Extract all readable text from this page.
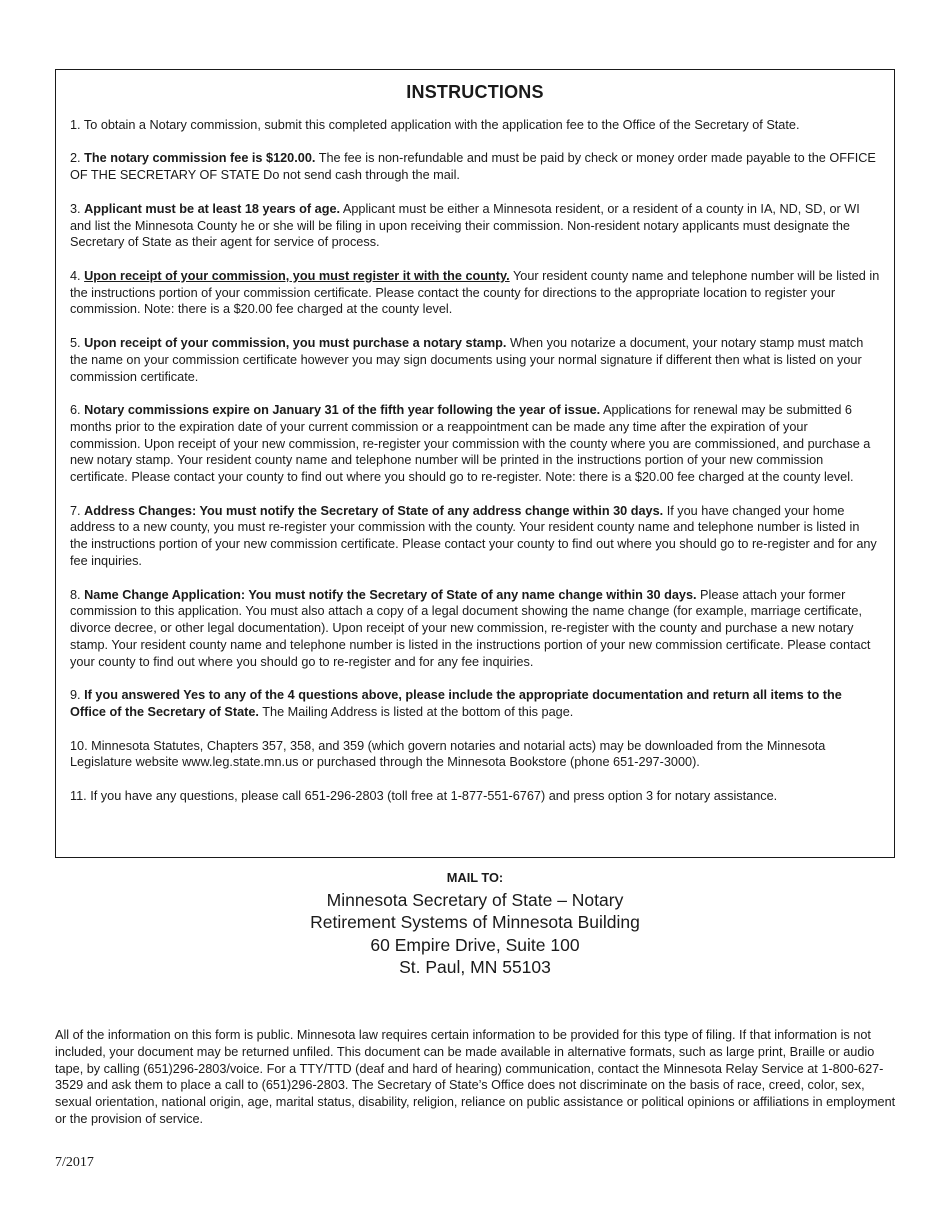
INSTRUCTIONS

1. To obtain a Notary commission, submit this completed application with the application fee to the Office of the Secretary of State.

2. The notary commission fee is $120.00. The fee is non-refundable and must be paid by check or money order made payable to the OFFICE OF THE SECRETARY OF STATE Do not send cash through the mail.

3. Applicant must be at least 18 years of age. Applicant must be either a Minnesota resident, or a resident of a county in IA, ND, SD, or WI and list the Minnesota County he or she will be filing in upon receiving their commission. Non-resident notary applicants must designate the Secretary of State as their agent for service of process.

4. Upon receipt of your commission, you must register it with the county. Your resident county name and telephone number will be listed in the instructions portion of your commission certificate. Please contact the county for directions to the appropriate location to register your commission. Note: there is a $20.00 fee charged at the county level.

5. Upon receipt of your commission, you must purchase a notary stamp. When you notarize a document, your notary stamp must match the name on your commission certificate however you may sign documents using your normal signature if different then what is listed on your commission certificate.

6. Notary commissions expire on January 31 of the fifth year following the year of issue. Applications for renewal may be submitted 6 months prior to the expiration date of your current commission or a reappointment can be made any time after the expiration of your commission. Upon receipt of your new commission, re-register your commission with the county where you are commissioned, and purchase a new notary stamp. Your resident county name and telephone number will be printed in the instructions portion of your new commission certificate. Please contact your county to find out where you should go to re-register. Note: there is a $20.00 fee charged at the county level.

7. Address Changes: You must notify the Secretary of State of any address change within 30 days. If you have changed your home address to a new county, you must re-register your commission with the county. Your resident county name and telephone number is listed in the instructions portion of your new commission certificate. Please contact your county to find out where you should go to re-register and for any fee inquiries.

8. Name Change Application: You must notify the Secretary of State of any name change within 30 days. Please attach your former commission to this application. You must also attach a copy of a legal document showing the name change (for example, marriage certificate, divorce decree, or other legal documentation). Upon receipt of your new commission, re-register with the county and purchase a new notary stamp. Your resident county name and telephone number is listed in the instructions portion of your new commission certificate. Please contact your county to find out where you should go to re-register and for any fee inquiries.

9. If you answered Yes to any of the 4 questions above, please include the appropriate documentation and return all items to the Office of the Secretary of State. The Mailing Address is listed at the bottom of this page.

10. Minnesota Statutes, Chapters 357, 358, and 359 (which govern notaries and notarial acts) may be downloaded from the Minnesota Legislature website www.leg.state.mn.us or purchased through the Minnesota Bookstore (phone 651-297-3000).

11. If you have any questions, please call 651-296-2803 (toll free at 1-877-551-6767) and press option 3 for notary assistance.

MAIL TO:
Minnesota Secretary of State – Notary
Retirement Systems of Minnesota Building
60 Empire Drive, Suite 100
St. Paul, MN 55103
All of the information on this form is public. Minnesota law requires certain information to be provided for this type of filing. If that information is not included, your document may be returned unfiled. This document can be made available in alternative formats, such as large print, Braille or audio tape, by calling (651)296-2803/voice. For a TTY/TTD (deaf and hard of hearing) communication, contact the Minnesota Relay Service at 1-800-627-3529 and ask them to place a call to (651)296-2803. The Secretary of State’s Office does not discriminate on the basis of race, creed, color, sex, sexual orientation, national origin, age, marital status, disability, religion, reliance on public assistance or political opinions or affiliations in employment or the provision of service.
7/2017
